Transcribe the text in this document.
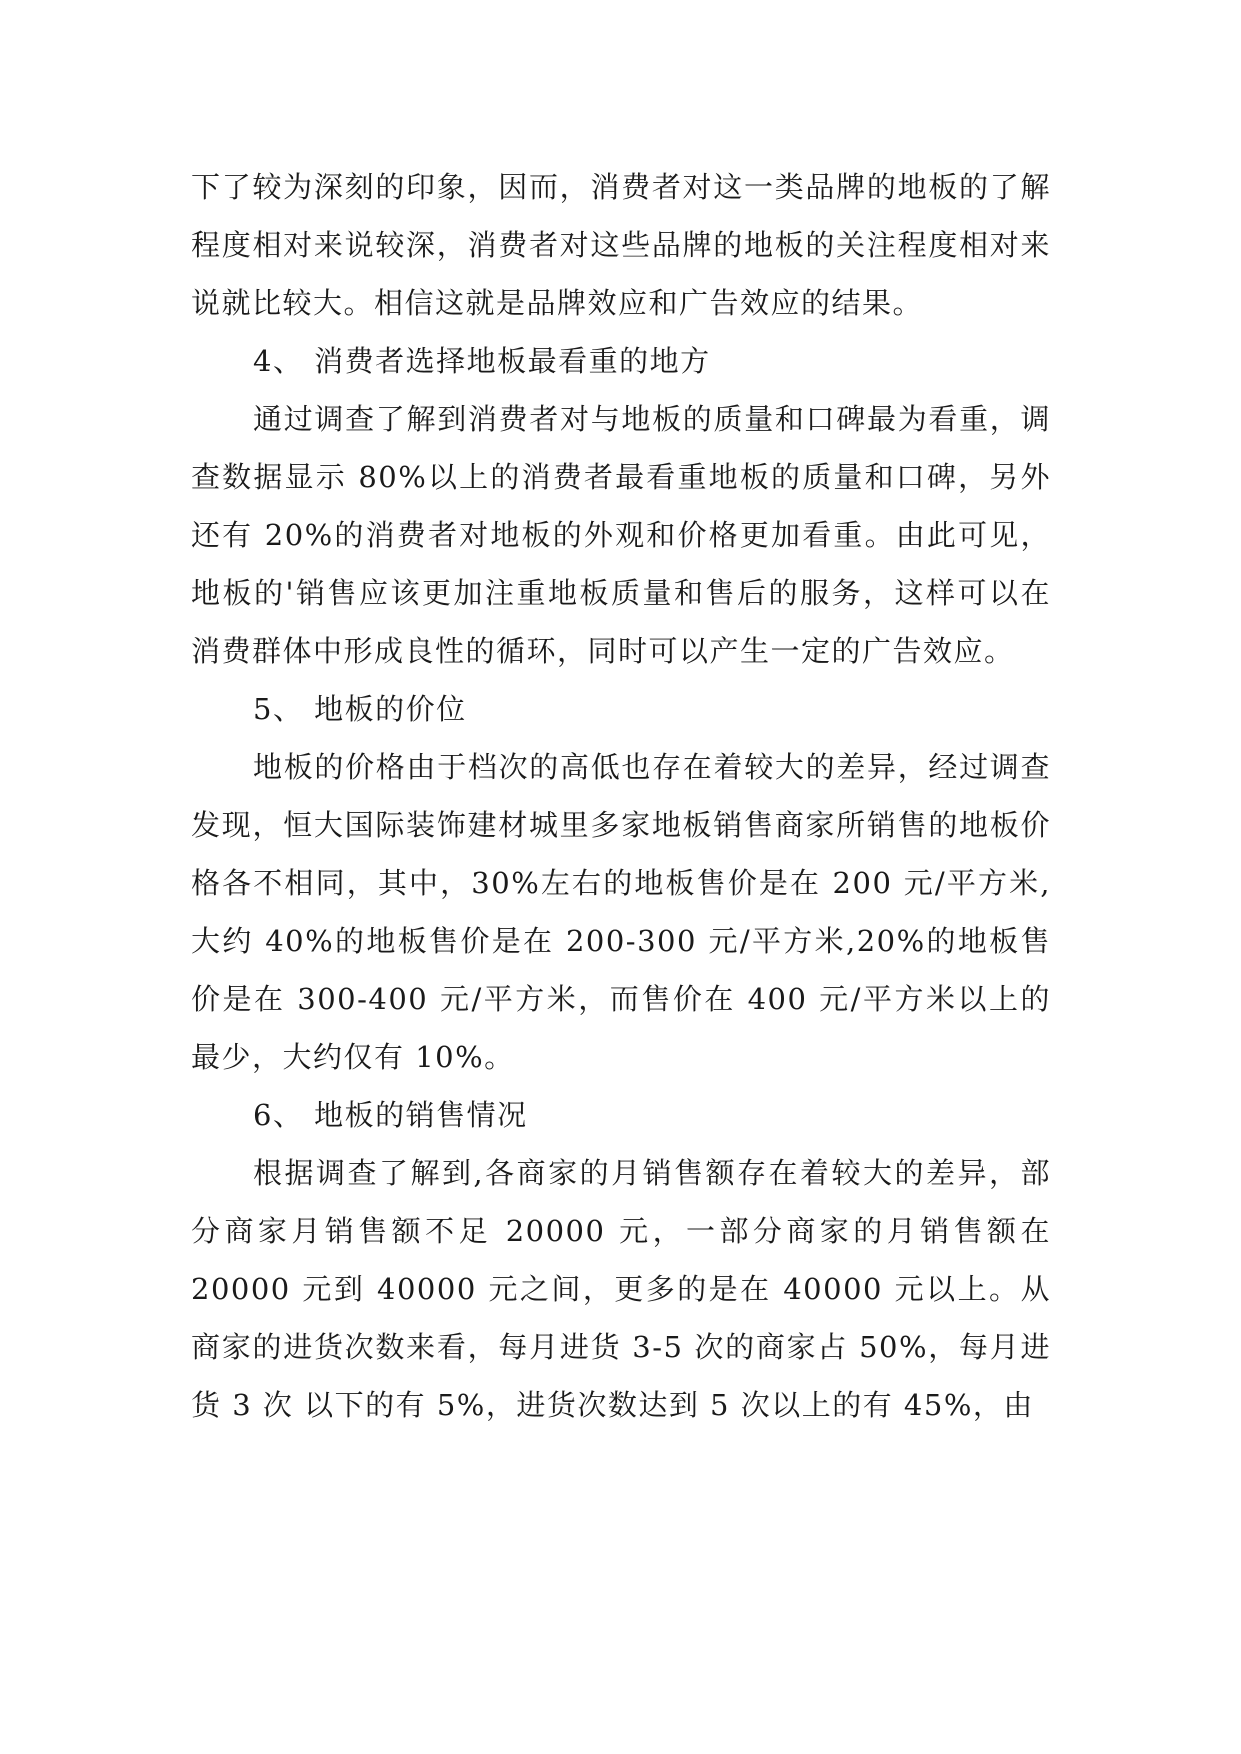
下了较为深刻的印象，因而，消费者对这一类品牌的地板的了解程度相对来说较深，消费者对这些品牌的地板的关注程度相对来说就比较大。相信这就是品牌效应和广告效应的结果。

4、 消费者选择地板最看重的地方

通过调查了解到消费者对与地板的质量和口碑最为看重，调查数据显示 80%以上的消费者最看重地板的质量和口碑，另外还有 20%的消费者对地板的外观和价格更加看重。由此可见，地板的'销售应该更加注重地板质量和售后的服务，这样可以在消费群体中形成良性的循环，同时可以产生一定的广告效应。

5、 地板的价位

地板的价格由于档次的高低也存在着较大的差异，经过调查发现，恒大国际装饰建材城里多家地板销售商家所销售的地板价格各不相同，其中，30%左右的地板售价是在 200 元/平方米,大约 40%的地板售价是在 200-300 元/平方米,20%的地板售价是在 300-400 元/平方米，而售价在 400 元/平方米以上的最少，大约仅有 10%。

6、 地板的销售情况

根据调查了解到,各商家的月销售额存在着较大的差异，部分商家月销售额不足 20000 元，一部分商家的月销售额在 20000 元到 40000 元之间，更多的是在 40000 元以上。从商家的进货次数来看，每月进货 3-5 次的商家占 50%，每月进货 3 次 以下的有 5%，进货次数达到 5 次以上的有 45%，由
